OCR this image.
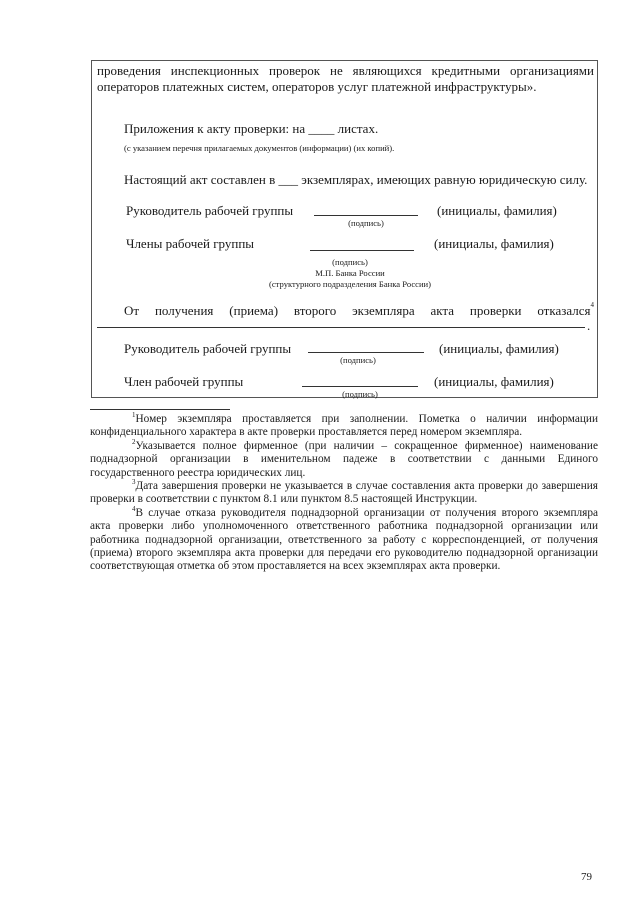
проведения инспекционных проверок не являющихся кредитными организациями
операторов платежных систем, операторов услуг платежной инфраструктуры».
Приложения к акту проверки: на ____ листах.
(с указанием перечня прилагаемых документов (информации) (их копий).
Настоящий акт составлен в ___ экземплярах, имеющих равную юридическую силу.
Руководитель рабочей группы
(подпись)
(инициалы, фамилия)
Члены рабочей группы	(инициалы, фамилия)
(подпись)
М.П. Банка России
(структурного подразделения Банка России)
От получения (приема) второго экземпляра акта проверки отказался$^4$
.
Руководитель рабочей группы
(подпись)
(инициалы, фамилия)
Член рабочей группы
(подпись)
(инициалы, фамилия)

$^1$Номер экземпляра проставляется при заполнении. Пометка о наличии информации конфиденциального характера в акте проверки проставляется перед номером экземпляра.

$^2$Указывается полное фирменное (при наличии – сокращенное фирменное) наименование поднадзорной организации в именительном падеже в соответствии с данными Единого государственного реестра юридических лиц.

$^3$Дата завершения проверки не указывается в случае составления акта проверки до завершения проверки в соответствии с пунктом 8.1 или пунктом 8.5 настоящей Инструкции.

$^4$В случае отказа руководителя поднадзорной организации от получения второго экземпляра акта проверки либо уполномоченного ответственного работника поднадзорной организации или работника поднадзорной организации, ответственного за работу с корреспонденцией, от получения (приема) второго экземпляра акта проверки для передачи его руководителю поднадзорной организации соответствующая отметка об этом проставляется на всех экземплярах акта проверки.

79
